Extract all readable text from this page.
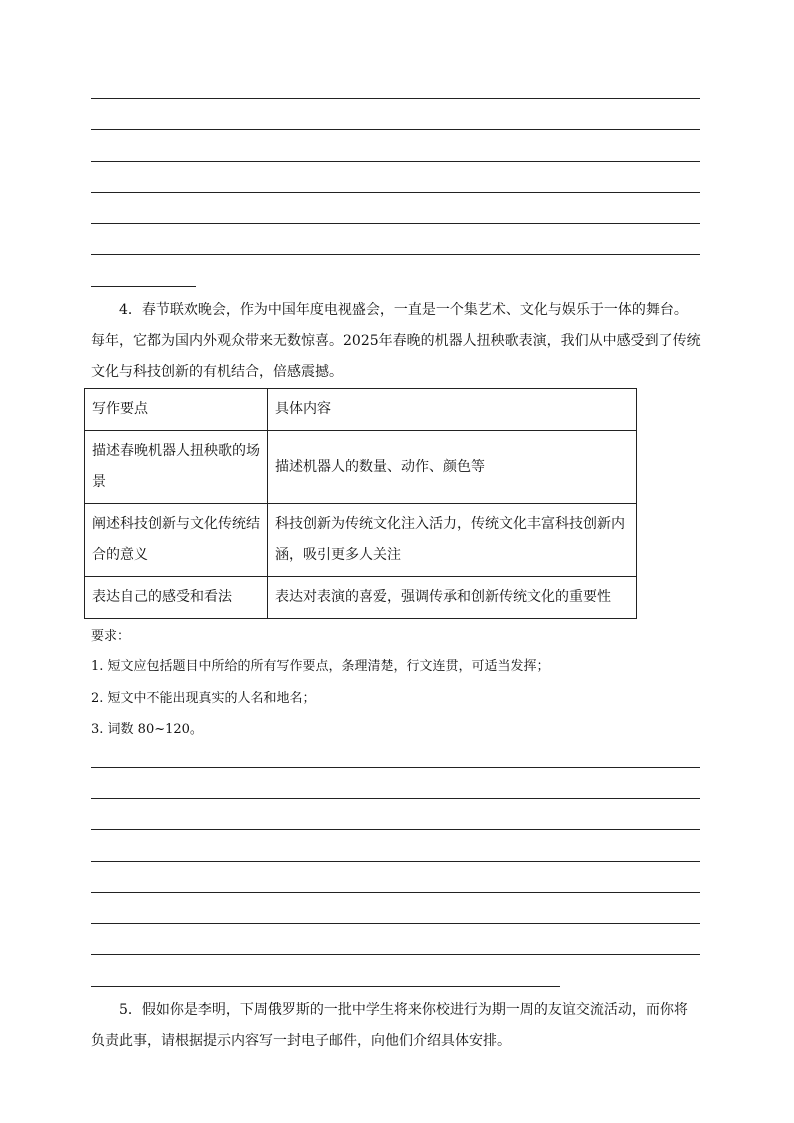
4．春节联欢晚会，作为中国年度电视盛会，一直是一个集艺术、文化与娱乐于一体的舞台。每年，它都为国内外观众带来无数惊喜。2025年春晚的机器人扭秧歌表演，我们从中感受到了传统文化与科技创新的有机结合，倍感震撼。
写作要点	具体内容
描述春晚机器人扭秧歌的场景	描述机器人的数量、动作、颜色等
阐述科技创新与文化传统结合的意义	科技创新为传统文化注入活力，传统文化丰富科技创新内涵，吸引更多人关注
表达自己的感受和看法	表达对表演的喜爱，强调传承和创新传统文化的重要性
要求：
1. 短文应包括题目中所给的所有写作要点，条理清楚，行文连贯，可适当发挥；
2. 短文中不能出现真实的人名和地名；
3. 词数 80~120。
5．假如你是李明，下周俄罗斯的一批中学生将来你校进行为期一周的友谊交流活动，而你将负责此事，请根据提示内容写一封电子邮件，向他们介绍具体安排。
